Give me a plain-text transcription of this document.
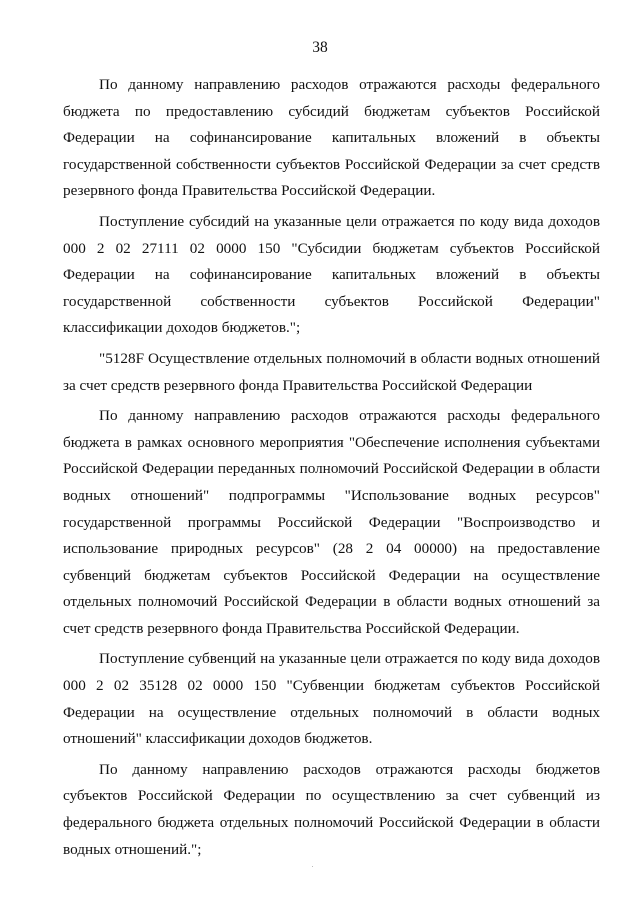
38

По данному направлению расходов отражаются расходы федерального бюджета по предоставлению субсидий бюджетам субъектов Российской Федерации на софинансирование капитальных вложений в объекты государственной собственности субъектов Российской Федерации за счет средств резервного фонда Правительства Российской Федерации.

Поступление субсидий на указанные цели отражается по коду вида доходов 000 2 02 27111 02 0000 150 "Субсидии бюджетам субъектов Российской Федерации на софинансирование капитальных вложений в объекты государственной собственности субъектов Российской Федерации" классификации доходов бюджетов.";

"5128F Осуществление отдельных полномочий в области водных отношений за счет средств резервного фонда Правительства Российской Федерации

По данному направлению расходов отражаются расходы федерального бюджета в рамках основного мероприятия "Обеспечение исполнения субъектами Российской Федерации переданных полномочий Российской Федерации в области водных отношений" подпрограммы "Использование водных ресурсов" государственной программы Российской Федерации "Воспроизводство и использование природных ресурсов" (28 2 04 00000) на предоставление субвенций бюджетам субъектов Российской Федерации на осуществление отдельных полномочий Российской Федерации в области водных отношений за счет средств резервного фонда Правительства Российской Федерации.

Поступление субвенций на указанные цели отражается по коду вида доходов 000 2 02 35128 02 0000 150 "Субвенции бюджетам субъектов Российской Федерации на осуществление отдельных полномочий в области водных отношений" классификации доходов бюджетов.

По данному направлению расходов отражаются расходы бюджетов субъектов Российской Федерации по осуществлению за счет субвенций из федерального бюджета отдельных полномочий Российской Федерации в области водных отношений.";
